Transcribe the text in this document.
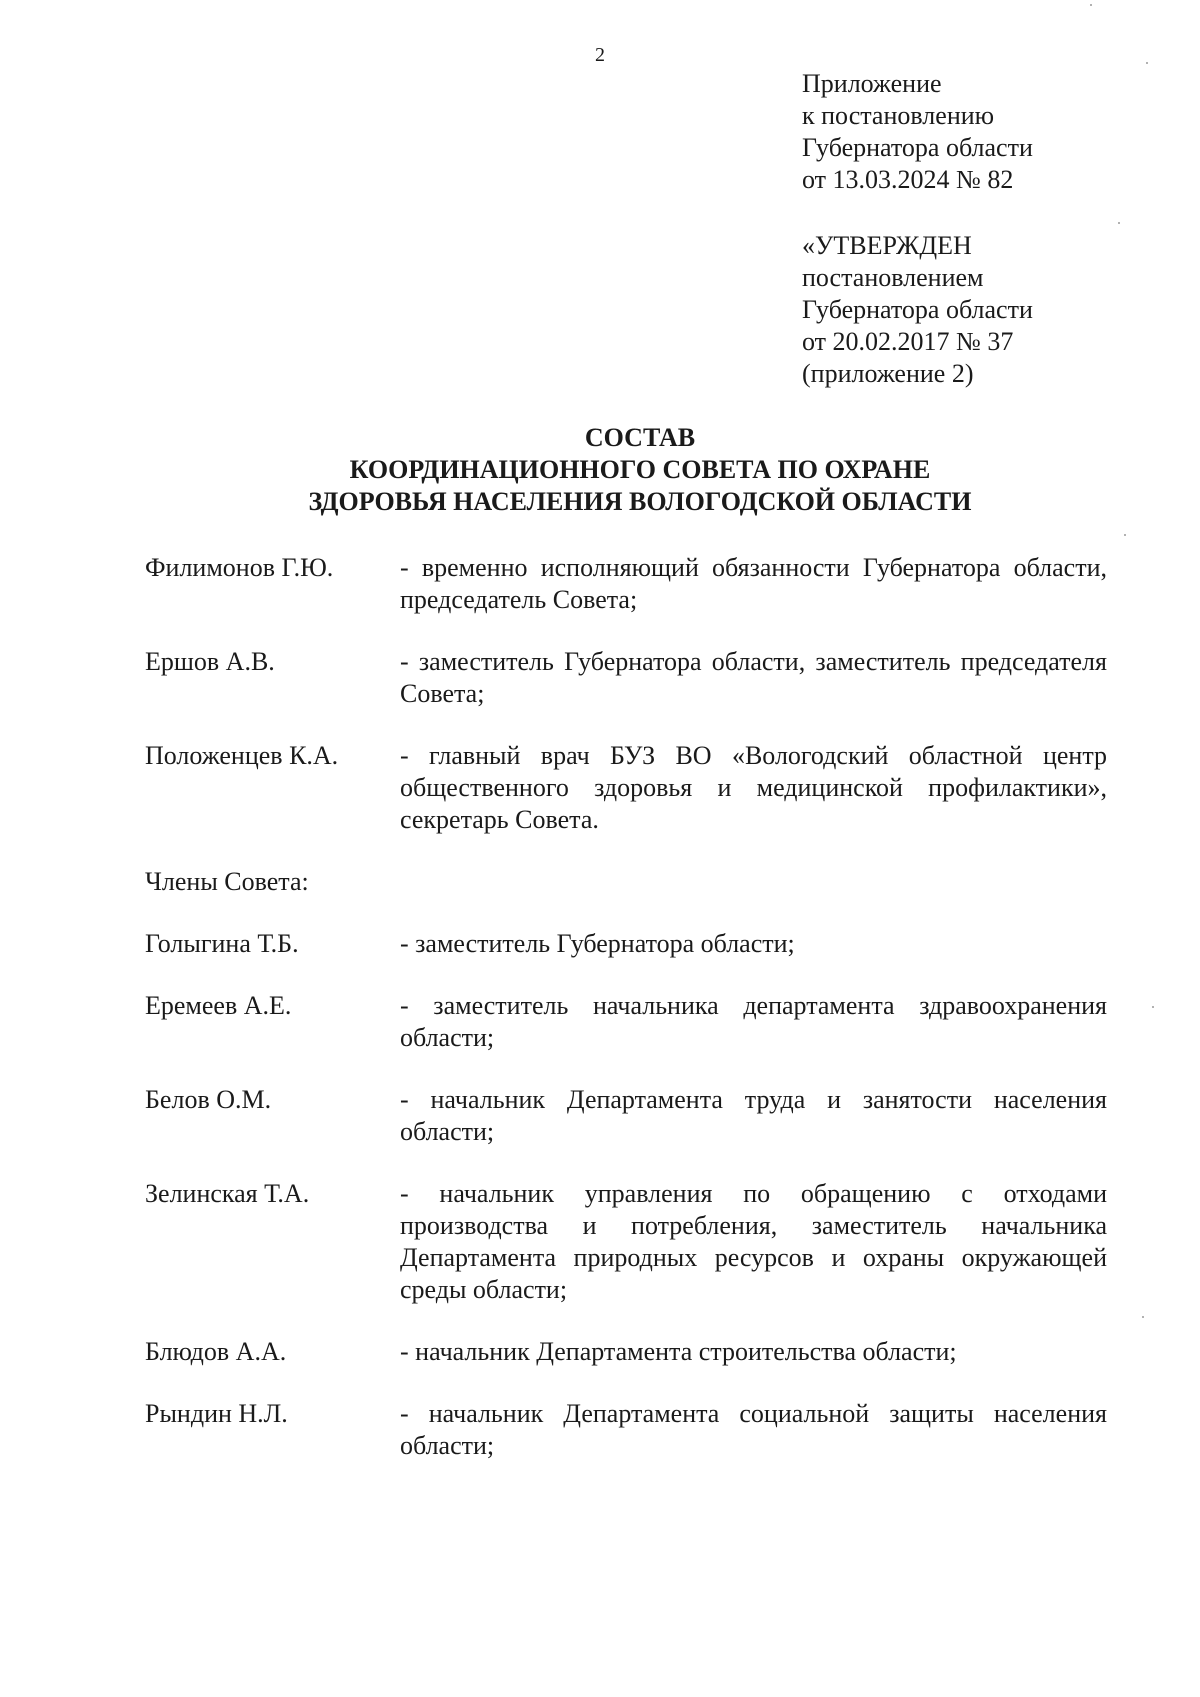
2
Приложение
к постановлению
Губернатора области
от 13.03.2024 № 82
«УТВЕРЖДЕН
постановлением
Губернатора области
от 20.02.2017 № 37
(приложение 2)
СОСТАВ
КООРДИНАЦИОННОГО СОВЕТА ПО ОХРАНЕ
ЗДОРОВЬЯ НАСЕЛЕНИЯ ВОЛОГОДСКОЙ ОБЛАСТИ
Филимонов Г.Ю.	- временно исполняющий обязанности Губернатора области, председатель Совета;
Ершов А.В.	- заместитель Губернатора области, заместитель председателя Совета;
Положенцев К.А.	- главный врач БУЗ ВО «Вологодский областной центр общественного здоровья и медицинской профилактики», секретарь Совета.
Члены Совета:
Голыгина Т.Б.	- заместитель Губернатора области;
Еремеев А.Е.	- заместитель начальника департамента здравоохранения области;
Белов О.М.	- начальник Департамента труда и занятости населения области;
Зелинская Т.А.	- начальник управления по обращению с отходами производства и потребления, заместитель начальника Департамента природных ресурсов и охраны окружающей среды области;
Блюдов А.А.	- начальник Департамента строительства области;
Рындин Н.Л.	- начальник Департамента социальной защиты населения области;
